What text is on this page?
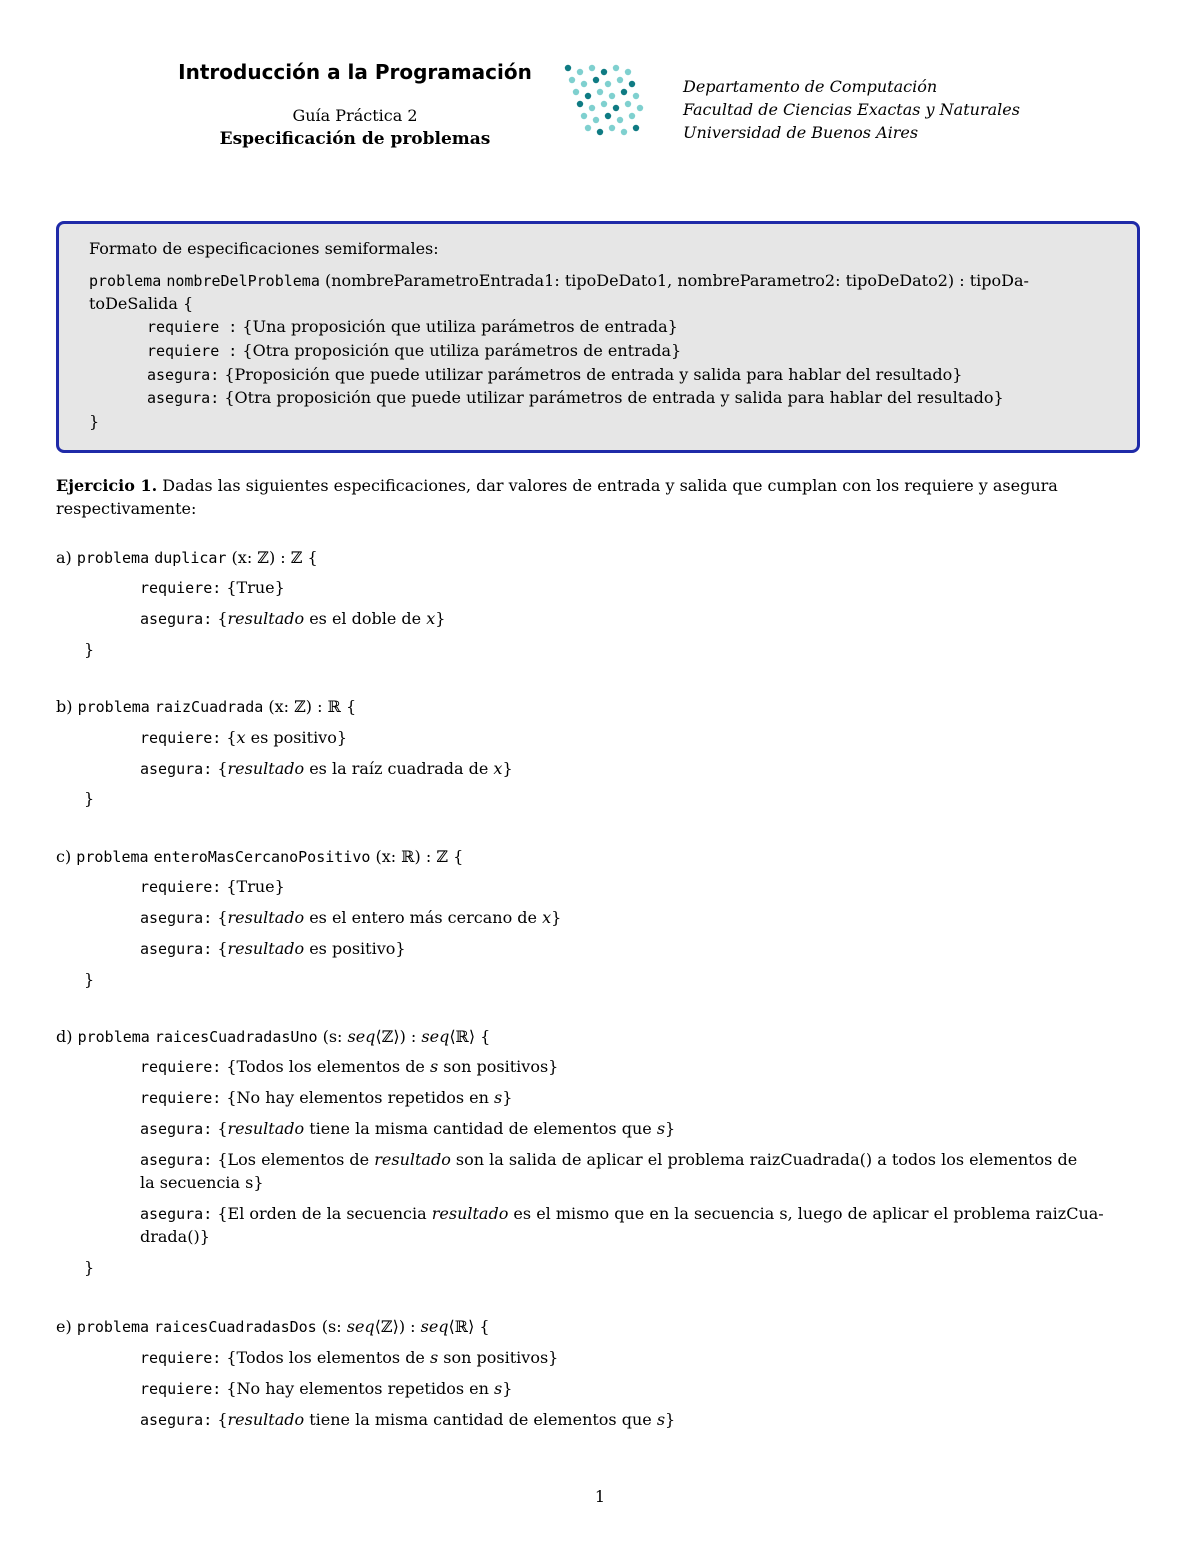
Introducción a la Programación
Guía Práctica 2
Especificación de problemas
Departamento de Computación
Facultad de Ciencias Exactas y Naturales
Universidad de Buenos Aires
Formato de especificaciones semiformales:
problema nombreDelProblema (nombreParametroEntrada1: tipoDeDato1, nombreParametro2: tipoDeDato2) : tipoDa-
toDeSalida {
requiere : {Una proposición que utiliza parámetros de entrada}
requiere : {Otra proposición que utiliza parámetros de entrada}
asegura: {Proposición que puede utilizar parámetros de entrada y salida para hablar del resultado}
asegura: {Otra proposición que puede utilizar parámetros de entrada y salida para hablar del resultado}
}
Ejercicio 1. Dadas las siguientes especificaciones, dar valores de entrada y salida que cumplan con los requiere y asegura
respectivamente:
a) problema duplicar (x: ℤ) : ℤ {
requiere: {True}
asegura: {resultado es el doble de x}
}
b) problema raizCuadrada (x: ℤ) : ℝ {
requiere: {x es positivo}
asegura: {resultado es la raíz cuadrada de x}
}
c) problema enteroMasCercanoPositivo (x: ℝ) : ℤ {
requiere: {True}
asegura: {resultado es el entero más cercano de x}
asegura: {resultado es positivo}
}
d) problema raicesCuadradasUno (s: seq⟨ℤ⟩) : seq⟨ℝ⟩ {
requiere: {Todos los elementos de s son positivos}
requiere: {No hay elementos repetidos en s}
asegura: {resultado tiene la misma cantidad de elementos que s}
asegura: {Los elementos de resultado son la salida de aplicar el problema raizCuadrada() a todos los elementos de
la secuencia s}
asegura: {El orden de la secuencia resultado es el mismo que en la secuencia s, luego de aplicar el problema raizCua-
drada()}
}
e) problema raicesCuadradasDos (s: seq⟨ℤ⟩) : seq⟨ℝ⟩ {
requiere: {Todos los elementos de s son positivos}
requiere: {No hay elementos repetidos en s}
asegura: {resultado tiene la misma cantidad de elementos que s}
1
